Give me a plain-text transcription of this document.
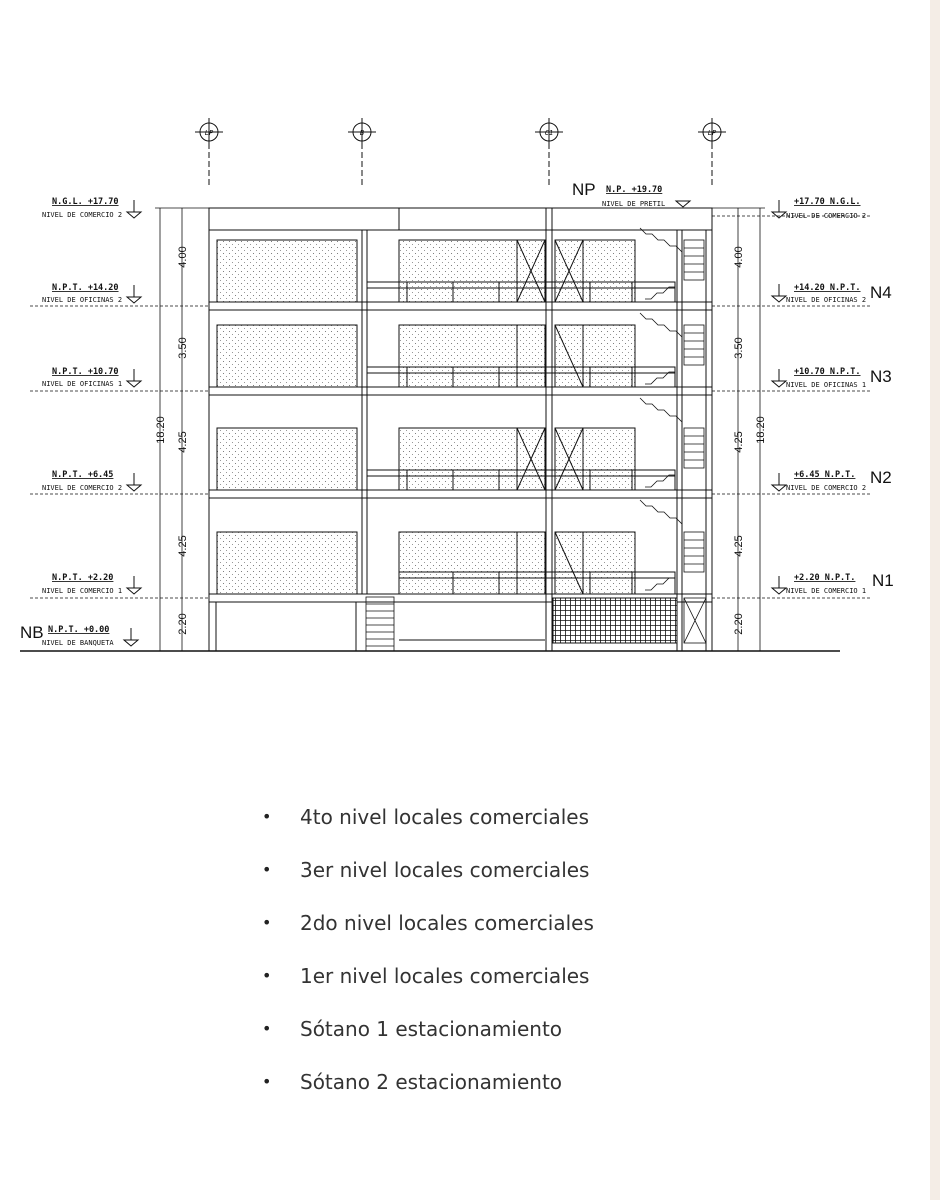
LP	B	C1	LP
4.00
3.50
4.25
4.25
2.20
18.20
4.00
3.50
4.25
4.25
2.20
18.20
N.G.L. +17.70
NIVEL DE COMERCIO 2
N.P.T. +14.20
NIVEL DE OFICINAS 2
N.P.T. +10.70
NIVEL DE OFICINAS 1
N.P.T. +6.45
NIVEL DE COMERCIO 2
N.P.T. +2.20
NIVEL DE COMERCIO 1
N.P.T. +0.00
NIVEL DE BANQUETA
NB
NP N.P. +19.70
NIVEL DE PRETIL	+17.70 N.G.L.
NIVEL DE COMERCIO 2
+14.20 N.P.T.
NIVEL DE OFICINAS 2 N4
+10.70 N.P.T.
NIVEL DE OFICINAS 1 N3
+6.45 N.P.T.
NIVEL DE COMERCIO 2
N2
+2.20 N.P.T.
NIVEL DE COMERCIO 1
N1
•	4to nivel locales comerciales
•	3er nivel locales comerciales
•	2do nivel locales comerciales
•	1er nivel locales comerciales
•	Sótano 1 estacionamiento
•	Sótano 2 estacionamiento
